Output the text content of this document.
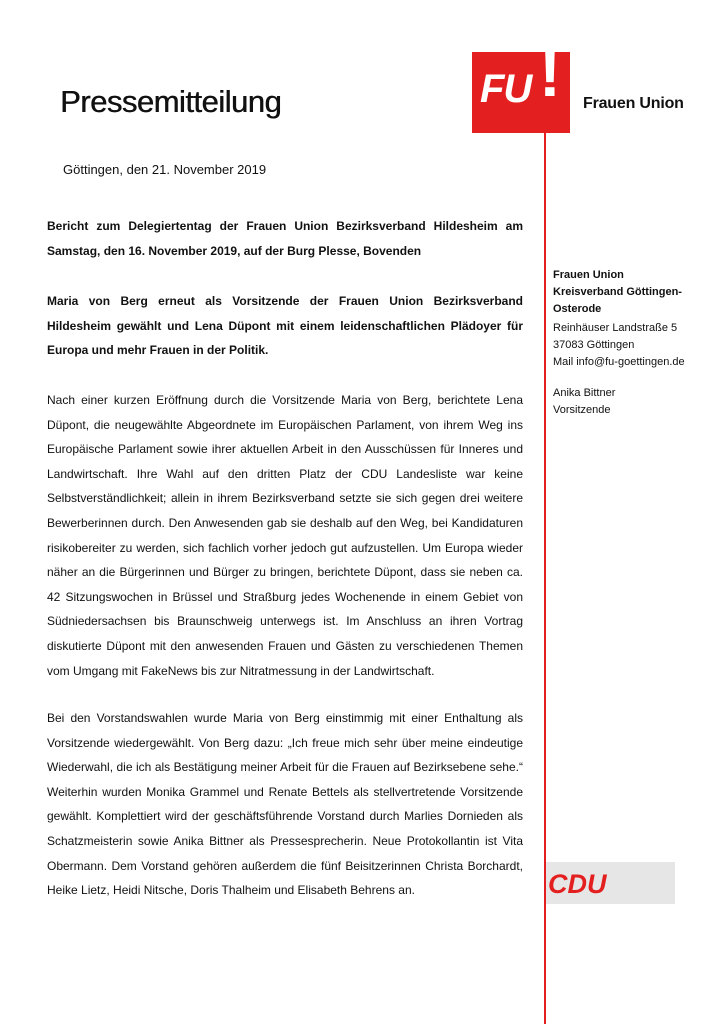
Pressemitteilung	FU ! Frauen Union
Göttingen, den 21. November 2019
Bericht zum Delegiertentag der Frauen Union Bezirksverband Hildesheim am Samstag, den 16. November 2019, auf der Burg Plesse, Bovenden
Maria von Berg erneut als Vorsitzende der Frauen Union Bezirksverband Hildesheim gewählt und Lena Düpont mit einem leidenschaftlichen Plädoyer für Europa und mehr Frauen in der Politik.
Nach einer kurzen Eröffnung durch die Vorsitzende Maria von Berg, berichtete Lena Düpont, die neugewählte Abgeordnete im Europäischen Parlament, von ihrem Weg ins Europäische Parlament sowie ihrer aktuellen Arbeit in den Ausschüssen für Inneres und Landwirtschaft. Ihre Wahl auf den dritten Platz der CDU Landesliste war keine Selbstverständlichkeit; allein in ihrem Bezirksverband setzte sie sich gegen drei weitere Bewerberinnen durch. Den Anwesenden gab sie deshalb auf den Weg, bei Kandidaturen risikobereiter zu werden, sich fachlich vorher jedoch gut aufzustellen. Um Europa wieder näher an die Bürgerinnen und Bürger zu bringen, berichtete Düpont, dass sie neben ca. 42 Sitzungswochen in Brüssel und Straßburg jedes Wochenende in einem Gebiet von Südniedersachsen bis Braunschweig unterwegs ist. Im Anschluss an ihren Vortrag diskutierte Düpont mit den anwesenden Frauen und Gästen zu verschiedenen Themen vom Umgang mit FakeNews bis zur Nitratmessung in der Landwirtschaft.
Bei den Vorstandswahlen wurde Maria von Berg einstimmig mit einer Enthaltung als Vorsitzende wiedergewählt. Von Berg dazu: „Ich freue mich sehr über meine eindeutige Wiederwahl, die ich als Bestätigung meiner Arbeit für die Frauen auf Bezirksebene sehe.“ Weiterhin wurden Monika Grammel und Renate Bettels als stellvertretende Vorsitzende gewählt. Komplettiert wird der geschäftsführende Vorstand durch Marlies Dornieden als Schatzmeisterin sowie Anika Bittner als Pressesprecherin. Neue Protokollantin ist Vita Obermann. Dem Vorstand gehören außerdem die fünf Beisitzerinnen Christa Borchardt, Heike Lietz, Heidi Nitsche, Doris Thalheim und Elisabeth Behrens an.
Frauen Union
Kreisverband Göttingen-
Osterode
Reinhäuser Landstraße 5
37083 Göttingen
Mail info@fu-goettingen.de
Anika Bittner
Vorsitzende
CDU
